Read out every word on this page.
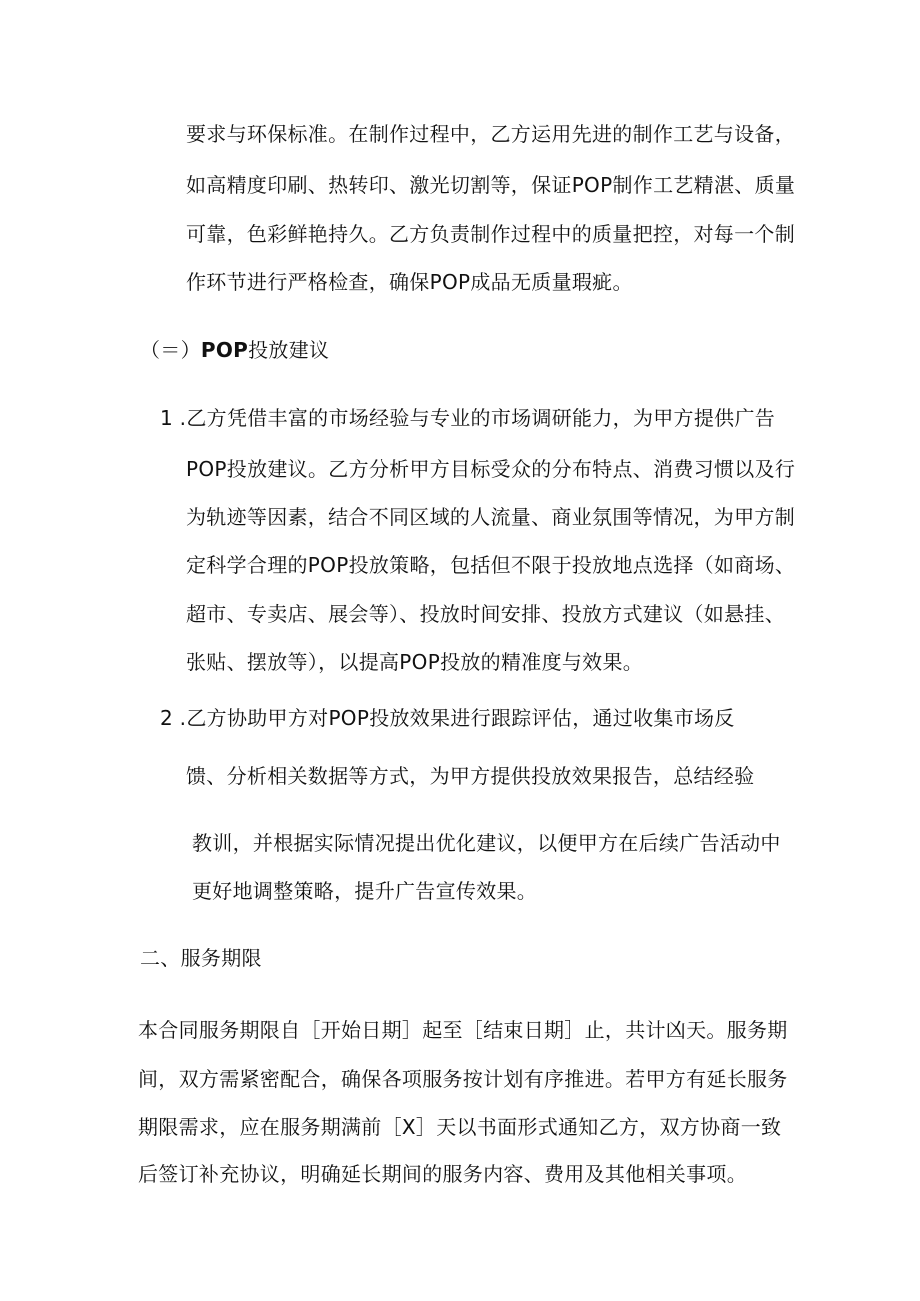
要求与环保标准。在制作过程中，乙方运用先进的制作工艺与设备，
如高精度印刷、热转印、激光切割等，保证POP制作工艺精湛、质量
可靠，色彩鲜艳持久。乙方负责制作过程中的质量把控，对每一个制
作环节进行严格检查，确保POP成品无质量瑕疵。
（＝）POP投放建议
1 .乙方凭借丰富的市场经验与专业的市场调研能力，为甲方提供广告
POP投放建议。乙方分析甲方目标受众的分布特点、消费习惯以及行
为轨迹等因素，结合不同区域的人流量、商业氛围等情况，为甲方制
定科学合理的POP投放策略，包括但不限于投放地点选择（如商场、
超市、专卖店、展会等）、投放时间安排、投放方式建议（如悬挂、
张贴、摆放等），以提高POP投放的精准度与效果。
2 .乙方协助甲方对POP投放效果进行跟踪评估，通过收集市场反
馈、分析相关数据等方式，为甲方提供投放效果报告，总结经验
教训，并根据实际情况提出优化建议，以便甲方在后续广告活动中
更好地调整策略，提升广告宣传效果。
二、服务期限
本合同服务期限自［开始日期］起至［结束日期］止，共计凶天。服务期
间，双方需紧密配合，确保各项服务按计划有序推进。若甲方有延长服务
期限需求，应在服务期满前［X］天以书面形式通知乙方，双方协商一致
后签订补充协议，明确延长期间的服务内容、费用及其他相关事项。
